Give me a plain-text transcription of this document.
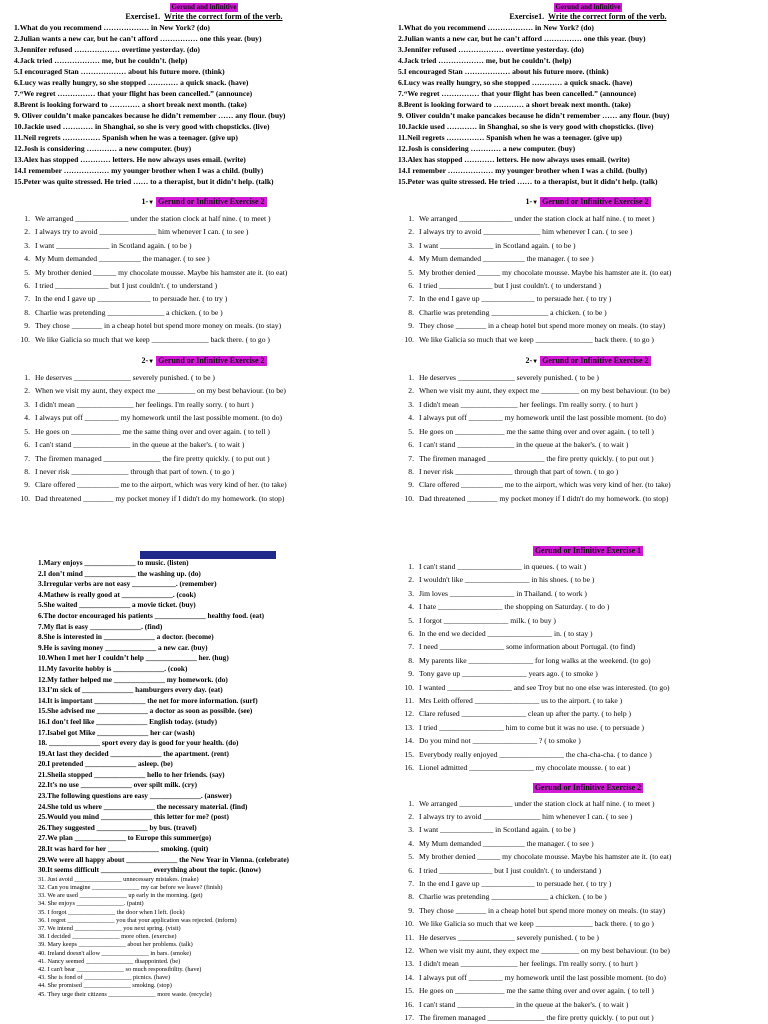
Gerund and infinitive
Exercise1. Write the correct form of the verb.
1.What do you recommend ……………… in New York? (do)
2.Julian wants a new car, but he can’t afford …………… one this year. (buy)
3.Jennifer refused ……………… overtime yesterday. (do)
4.Jack tried ……………… me, but he couldn’t. (help)
5.I encouraged Stan ……………… about his future more. (think)
6.Lucy was really hungry, so she stopped ………… a quick snack. (have)
7.“We regret …………… that your flight has been cancelled.” (announce)
8.Brent is looking forward to ………… a short break next month. (take)
9. Oliver couldn’t make pancakes because he didn’t remember …… any flour. (buy)
10.Jackie used ………… in Shanghai, so she is very good with chopsticks. (live)
11.Neil regrets …………… Spanish when he was a teenager. (give up)
12.Josh is considering ………… a new computer. (buy)
13.Alex has stopped ………… letters. He now always uses email. (write)
14.I remember ……………… my younger brother when I was a child. (bully)
15.Peter was quite stressed. He tried …… to a therapist, but it didn’t help. (talk)
1-▼ Gerund or Infinitive Exercise 2
1. We arranged ______________ under the station clock at half nine. ( to meet )
2. I always try to avoid _______________ him whenever I can. ( to see )
3. I want ______________ in Scotland again. ( to be )
4. My Mum demanded ___________ the manager. ( to see )
5. My brother denied ______ my chocolate mousse. Maybe his hamster ate it. (to eat)
6. I tried ______________ but I just couldn't. ( to understand )
7. In the end I gave up ______________ to persuade her. ( to try )
8. Charlie was pretending _______________ a chicken. ( to be )
9. They chose ________ in a cheap hotel but spend more money on meals. (to stay)
10. We like Galicia so much that we keep _______________ back there. ( to go )
2-▼ Gerund or Infinitive Exercise 2
1. He deserves _______________ severely punished. ( to be )
2. When we visit my aunt, they expect me __________ on my best behaviour. (to be)
3. I didn't mean _______________ her feelings. I'm really sorry. ( to hurt )
4. I always put off _________ my homework until the last possible moment. (to do)
5. He goes on _____________ me the same thing over and over again. ( to tell )
6. I can't stand _______________ in the queue at the baker's. ( to wait )
7. The firemen managed _______________ the fire pretty quickly. ( to put out )
8. I never risk _______________ through that part of town. ( to go )
9. Clare offered ___________ me to the airport, which was very kind of her. (to take)
10. Dad threatened ________ my pocket money if I didn't do my homework. (to stop)
Gerund and infinitive
Exercise1. Write the correct form of the verb.
1.What do you recommend ……………… in New York? (do)
2.Julian wants a new car, but he can’t afford …………… one this year. (buy)
3.Jennifer refused ……………… overtime yesterday. (do)
4.Jack tried ……………… me, but he couldn’t. (help)
5.I encouraged Stan ……………… about his future more. (think)
6.Lucy was really hungry, so she stopped ………… a quick snack. (have)
7.“We regret …………… that your flight has been cancelled.” (announce)
8.Brent is looking forward to ………… a short break next month. (take)
9. Oliver couldn’t make pancakes because he didn’t remember …… any flour. (buy)
10.Jackie used ………… in Shanghai, so she is very good with chopsticks. (live)
11.Neil regrets …………… Spanish when he was a teenager. (give up)
12.Josh is considering ………… a new computer. (buy)
13.Alex has stopped ………… letters. He now always uses email. (write)
14.I remember ……………… my younger brother when I was a child. (bully)
15.Peter was quite stressed. He tried …… to a therapist, but it didn’t help. (talk)
1-▼ Gerund or Infinitive Exercise 2
1. We arranged ______________ under the station clock at half nine. ( to meet )
2. I always try to avoid _______________ him whenever I can. ( to see )
3. I want ______________ in Scotland again. ( to be )
4. My Mum demanded ___________ the manager. ( to see )
5. My brother denied ______ my chocolate mousse. Maybe his hamster ate it. (to eat)
6. I tried ______________ but I just couldn't. ( to understand )
7. In the end I gave up ______________ to persuade her. ( to try )
8. Charlie was pretending _______________ a chicken. ( to be )
9. They chose ________ in a cheap hotel but spend more money on meals. (to stay)
10. We like Galicia so much that we keep _______________ back there. ( to go )
2-▼ Gerund or Infinitive Exercise 2
1. He deserves _______________ severely punished. ( to be )
2. When we visit my aunt, they expect me __________ on my best behaviour. (to be)
3. I didn't mean _______________ her feelings. I'm really sorry. ( to hurt )
4. I always put off _________ my homework until the last possible moment. (to do)
5. He goes on _____________ me the same thing over and over again. ( to tell )
6. I can't stand _______________ in the queue at the baker's. ( to wait )
7. The firemen managed _______________ the fire pretty quickly. ( to put out )
8. I never risk _______________ through that part of town. ( to go )
9. Clare offered ___________ me to the airport, which was very kind of her. (to take)
10. Dad threatened ________ my pocket money if I didn't do my homework. (to stop)
1.Mary enjoys ______________ to music. (listen)
2.I don’t mind ______________ the washing up. (do)
3.Irregular verbs are not easy ____________. (remember)
4.Mathew is really good at ______________. (cook)
5.She waited ______________ a movie ticket. (buy)
6.The doctor encouraged his patients ______________ healthy food. (eat)
7.My flat is easy ______________. (find)
8.She is interested in ______________ a doctor. (become)
9.He is saving money ______________ a new car. (buy)
10.When I met her I couldn’t help ______________ her. (hug)
11.My favorite hobby is ______________. (cook)
12.My father helped me ______________ my homework. (do)
13.I’m sick of ______________ hamburgers every day. (eat)
14.It is important ______________ the net for more information. (surf)
15.She advised me ______________ a doctor as soon as possible. (see)
16.I don’t feel like ______________ English today. (study)
17.Isabel got Mike ______________ her car (wash)
18. ______________ sport every day is good for your health. (do)
19.At last they decided ______________ the apartment. (rent)
20.I pretended ______________ asleep. (be)
21.Sheila stopped ______________ hello to her friends. (say)
22.It’s no use ______________ over spilt milk. (cry)
23.The following questions are easy ______________. (answer)
24.She told us where ______________ the necessary material. (find)
25.Would you mind ______________ this letter for me? (post)
26.They suggested ______________ by bus. (travel)
27.We plan ______________ to Europe this summer(go)
28.It was hard for her ______________ smoking. (quit)
29.We were all happy about ______________ the New Year in Vienna. (celebrate)
30.It seems difficult ______________ everything about the topic. (know)
31. Just avoid _______________ unnecessary mistakes. (make)
32. Can you imagine _______________ my car before we leave? (finish)
33. We are used _______________ up early in the morning. (get)
34. She enjoys _______________. (paint)
35. I forgot _______________ the door when I left. (lock)
36. I regret _______________ you that your application was rejected. (inform)
37. We intend _______________ you next spring. (visit)
38. I decided _______________ more often. (exercise)
39. Mary keeps _______________ about her problems. (talk)
40. Ireland doesn't allow _______________ in bars. (smoke)
41. Nancy seemed _______________ disappointed. (be)
42. I can't bear _______________ so much responsibility. (have)
43. She is fond of _______________ picnics. (have)
44. She promised _______________ smoking. (stop)
45. They urge their citizens _______________ more waste. (recycle)
Gerund or Infinitive Exercise 1
1. I can't stand _________________ in queues. ( to wait )
2. I wouldn't like _________________ in his shoes. ( to be )
3. Jim loves _________________ in Thailand. ( to work )
4. I hate _________________ the shopping on Saturday. ( to do )
5. I forgot _________________ milk. ( to buy )
6. In the end we decided _________________ in. ( to stay )
7. I need _________________ some information about Portugal. (to find)
8. My parents like _________________ for long walks at the weekend. (to go)
9. Tony gave up _________________ years ago. ( to smoke )
10. I wanted _________________ and see Troy but no one else was interested. (to go)
11. Mrs Leith offered _________________ us to the airport. ( to take )
12. Clare refused _________________ clean up after the party. ( to help )
13. I tried _________________ him to come but it was no use. ( to persuade )
14. Do you mind not _________________ ? ( to smoke )
15. Everybody really enjoyed _________________ the cha-cha-cha. ( to dance )
16. Lionel admitted _________________ my chocolate mousse. ( to eat )
Gerund or Infinitive Exercise 2
1. We arranged ______________ under the station clock at half nine. ( to meet )
2. I always try to avoid _______________ him whenever I can. ( to see )
3. I want ______________ in Scotland again. ( to be )
4. My Mum demanded ___________ the manager. ( to see )
5. My brother denied ______ my chocolate mousse. Maybe his hamster ate it. (to eat)
6. I tried ______________ but I just couldn't. ( to understand )
7. In the end I gave up ______________ to persuade her. ( to try )
8. Charlie was pretending _______________ a chicken. ( to be )
9. They chose ________ in a cheap hotel but spend more money on meals. (to stay)
10. We like Galicia so much that we keep _______________ back there. ( to go )
11. He deserves _______________ severely punished. ( to be )
12. When we visit my aunt, they expect me __________ on my best behaviour. (to be)
13. I didn't mean _______________ her feelings. I'm really sorry. ( to hurt )
14. I always put off _________ my homework until the last possible moment. (to do)
15. He goes on _____________ me the same thing over and over again. ( to tell )
16. I can't stand _______________ in the queue at the baker's. ( to wait )
17. The firemen managed _______________ the fire pretty quickly. ( to put out )
